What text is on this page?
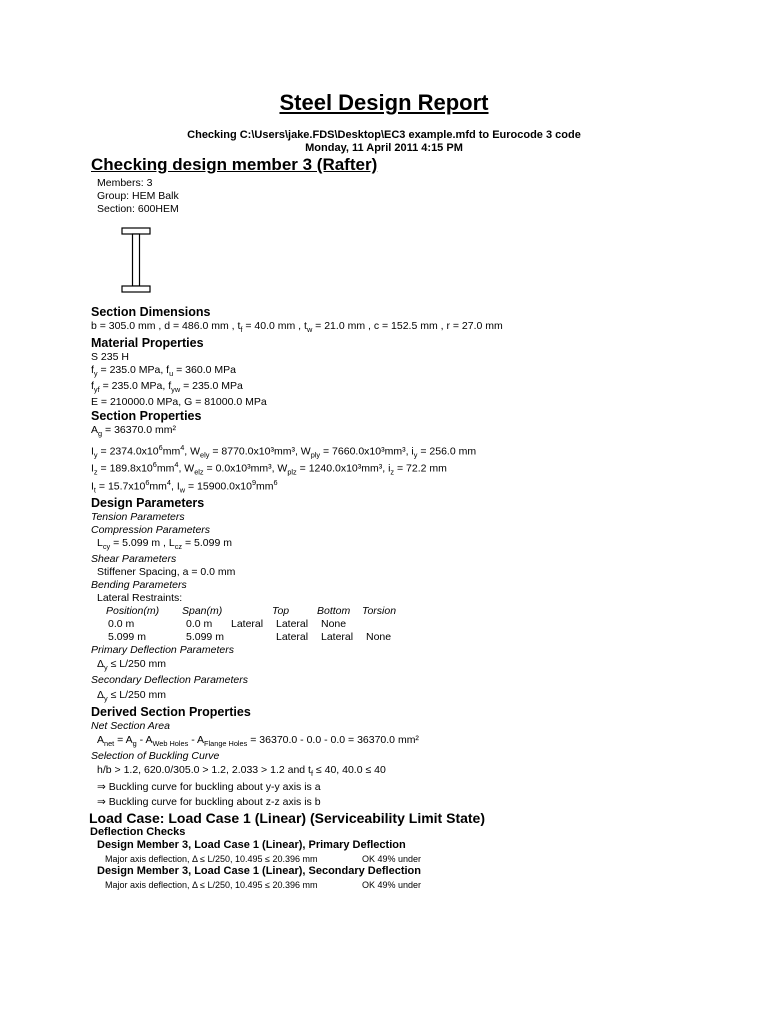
Steel Design Report
Checking C:\Users\jake.FDS\Desktop\EC3 example.mfd to Eurocode 3 code
Monday, 11 April 2011 4:15 PM
Checking design member 3 (Rafter)
Members: 3
Group: HEM Balk
Section: 600HEM
Section Dimensions
b = 305.0 mm , d = 486.0 mm , $t_f = 40.0$ mm , $t_w = 21.0$ mm , c = 152.5 mm , r = 27.0 mm
Material Properties
S 235 H
$f_y = 235.0$ MPa, $f_u = 360.0$ MPa
$f_{yf} = 235.0$ MPa, $f_{yw} = 235.0$ MPa
E = 210000.0 MPa, G = 81000.0 MPa
Section Properties
$A_g = 36370.0$ mm²
$I_y = 2374.0x10^6mm^4$, $W_{ely} = 8770.0x10^3mm^3$, $W_{ply} = 7660.0x10^3mm^3$, $i_y = 256.0$ mm
$I_z = 189.8x10^6mm^4$, $W_{elz} = 0.0x10^3mm^3$, $W_{plz} = 1240.0x10^3mm^3$, $i_z = 72.2$ mm
$I_t = 15.7x10^6mm^4$, $I_w = 15900.0x10^9mm^6$
Design Parameters
Tension Parameters
Compression Parameters
$L_{cy} = 5.099$ m , $L_{cz} = 5.099$ m
Shear Parameters
Stiffener Spacing, a = 0.0 mm
Bending Parameters
Lateral Restraints:
Position(m) Span(m)	Top	Bottom Torsion
0.0 m	0.0 m Lateral Lateral None
5.099 m	5.099 m	Lateral Lateral None
Primary Deflection Parameters
$\Delta_y \le L/250$ mm
Secondary Deflection Parameters
$\Delta_y \le L/250$ mm
Derived Section Properties
Net Section Area
$A_{net} = A_g - A_{Web Holes} - A_{Flange Holes} = 36370.0 - 0.0 - 0.0 = 36370.0$ mm²
Selection of Buckling Curve
h/b > 1.2, 620.0/305.0 > 1.2, 2.033 > 1.2 and $t_f \le 40$, 40.0 ≤ 40
⇒ Buckling curve for buckling about y-y axis is a
⇒ Buckling curve for buckling about z-z axis is b
Load Case: Load Case 1 (Linear) (Serviceability Limit State)
Deflection Checks
Design Member 3, Load Case 1 (Linear), Primary Deflection
Major axis deflection, Δ ≤ L/250, 10.495 ≤ 20.396 mm	OK 49% under
Design Member 3, Load Case 1 (Linear), Secondary Deflection
Major axis deflection, Δ ≤ L/250, 10.495 ≤ 20.396 mm	OK 49% under
